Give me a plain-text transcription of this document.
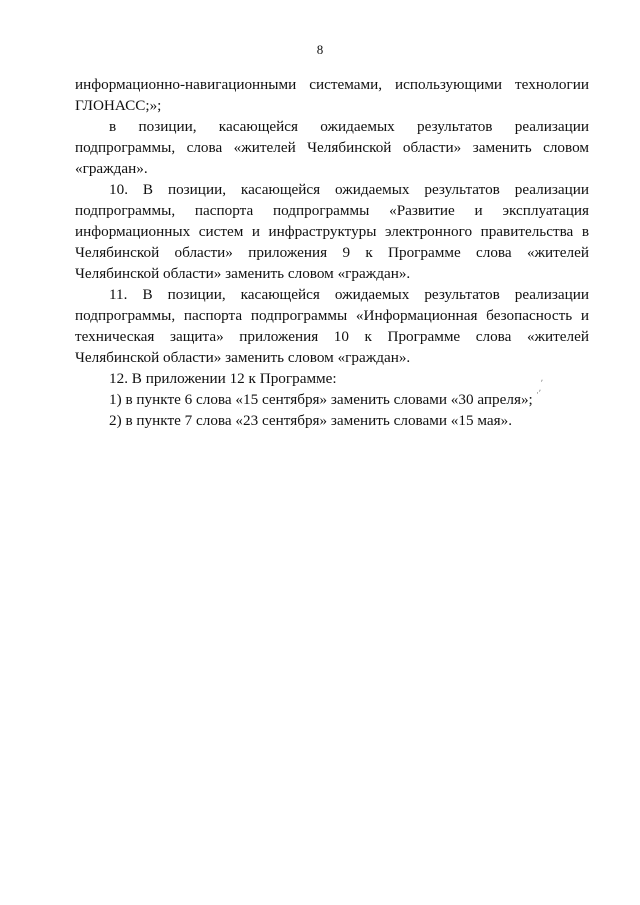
8

информационно-навигационными системами, использующими технологии ГЛОНАСС;»;

в позиции, касающейся ожидаемых результатов реализации подпрограммы, слова «жителей Челябинской области» заменить словом «граждан».

10. В позиции, касающейся ожидаемых результатов реализации подпрограммы, паспорта подпрограммы «Развитие и эксплуатация информационных систем и инфраструктуры электронного правительства в Челябинской области» приложения 9 к Программе слова «жителей Челябинской области» заменить словом «граждан».

11. В позиции, касающейся ожидаемых результатов реализации подпрограммы, паспорта подпрограммы «Информационная безопасность и техническая защита» приложения 10 к Программе слова «жителей Челябинской области» заменить словом «граждан».

12. В приложении 12 к Программе:

1) в пункте 6 слова «15 сентября» заменить словами «30 апреля»;

2) в пункте 7 слова «23 сентября» заменить словами «15 мая».

ʹ
·ʹ
